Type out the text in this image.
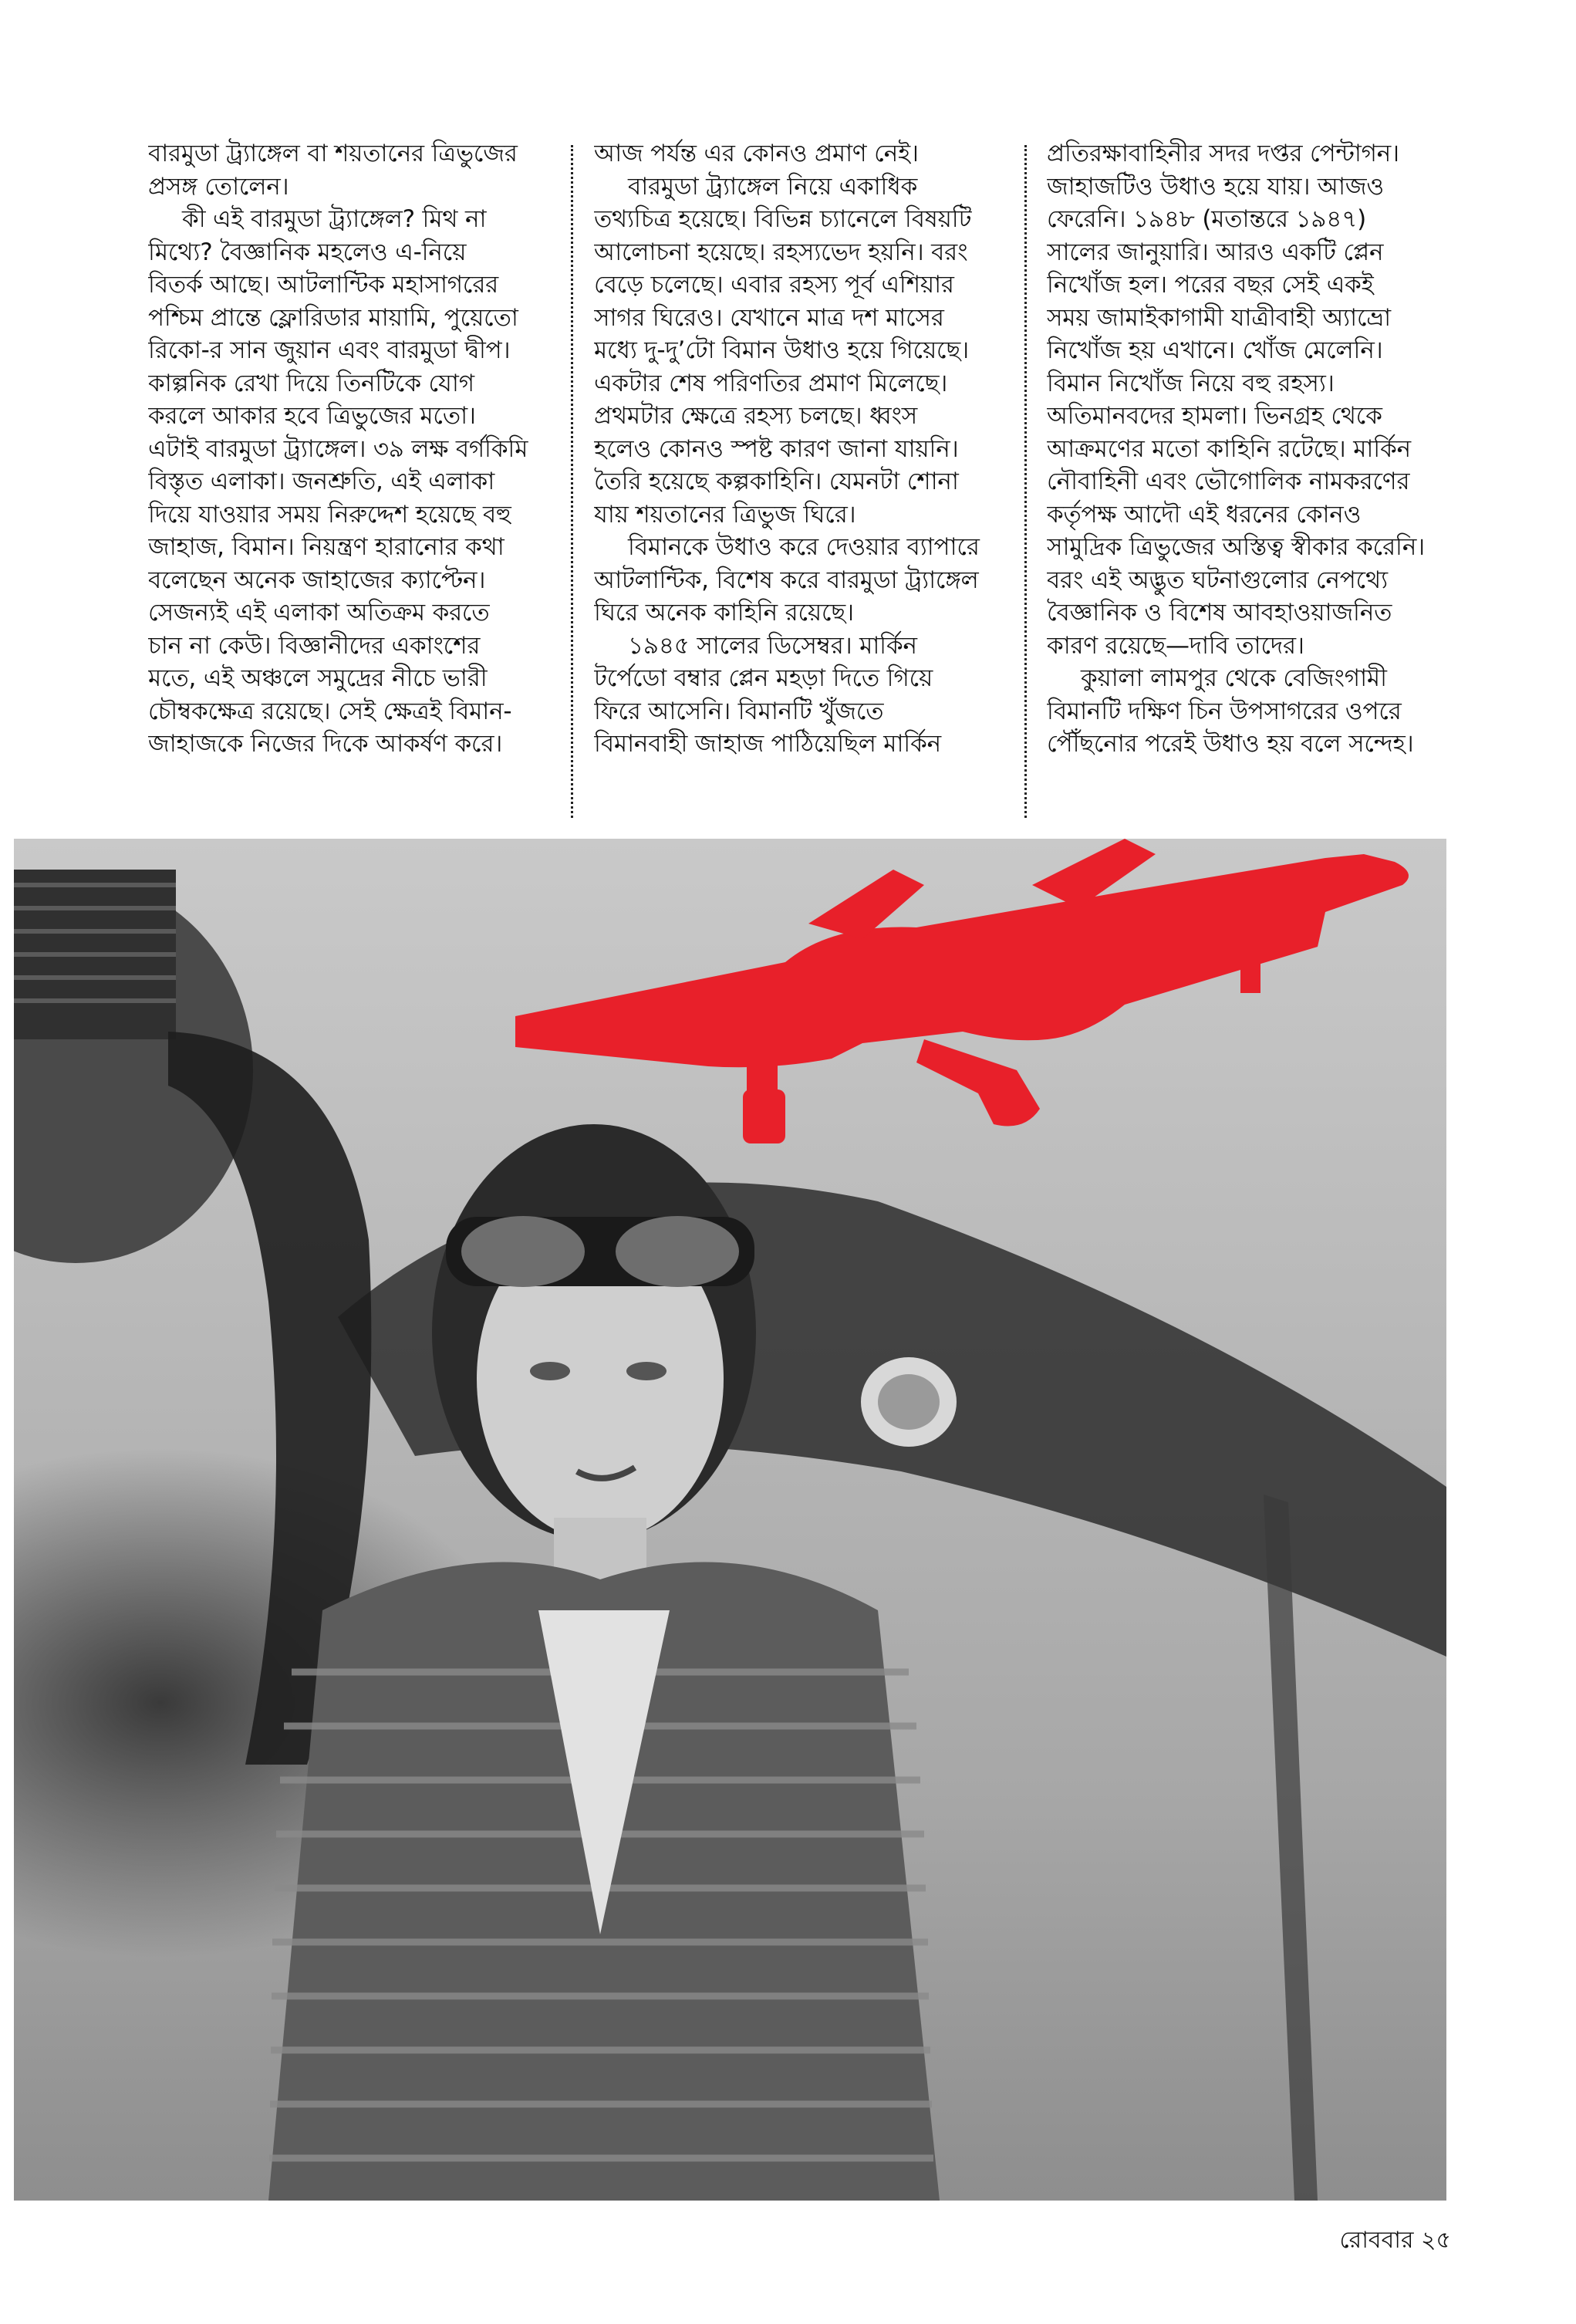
বারমুডা ট্র্যাঙ্গেল বা শয়তানের ত্রিভুজের
প্রসঙ্গ তোলেন।
কী এই বারমুডা ট্র্যাঙ্গেল? মিথ না
মিথ্যে? বৈজ্ঞানিক মহলেও এ-নিয়ে
বিতর্ক আছে। আটলান্টিক মহাসাগরের
পশ্চিম প্রান্তে ফ্লোরিডার মায়ামি, পুয়েতো
রিকো-র সান জুয়ান এবং বারমুডা দ্বীপ।
কাল্পনিক রেখা দিয়ে তিনটিকে যোগ
করলে আকার হবে ত্রিভুজের মতো।
এটাই বারমুডা ট্র্যাঙ্গেল। ৩৯ লক্ষ বর্গকিমি
বিস্তৃত এলাকা। জনশ্রুতি, এই এলাকা
দিয়ে যাওয়ার সময় নিরুদ্দেশ হয়েছে বহু
জাহাজ, বিমান। নিয়ন্ত্রণ হারানোর কথা
বলেছেন অনেক জাহাজের ক্যাপ্টেন।
সেজন্যই এই এলাকা অতিক্রম করতে
চান না কেউ। বিজ্ঞানীদের একাংশের
মতে, এই অঞ্চলে সমুদ্রের নীচে ভারী
চৌম্বকক্ষেত্র রয়েছে। সেই ক্ষেত্রই বিমান-
জাহাজকে নিজের দিকে আকর্ষণ করে।
আজ পর্যন্ত এর কোনও প্রমাণ নেই।
বারমুডা ট্র্যাঙ্গেল নিয়ে একাধিক
তথ্যচিত্র হয়েছে। বিভিন্ন চ্যানেলে বিষয়টি
আলোচনা হয়েছে। রহস্যভেদ হয়নি। বরং
বেড়ে চলেছে। এবার রহস্য পূর্ব এশিয়ার
সাগর ঘিরেও। যেখানে মাত্র দশ মাসের
মধ্যে দু-দু’টো বিমান উধাও হয়ে গিয়েছে।
একটার শেষ পরিণতির প্রমাণ মিলেছে।
প্রথমটার ক্ষেত্রে রহস্য চলছে। ধ্বংস
হলেও কোনও স্পষ্ট কারণ জানা যায়নি।
তৈরি হয়েছে কল্পকাহিনি। যেমনটা শোনা
যায় শয়তানের ত্রিভুজ ঘিরে।
বিমানকে উধাও করে দেওয়ার ব্যাপারে
আটলান্টিক, বিশেষ করে বারমুডা ট্র্যাঙ্গেল
ঘিরে অনেক কাহিনি রয়েছে।
১৯৪৫ সালের ডিসেম্বর। মার্কিন
টর্পেডো বম্বার প্লেন মহড়া দিতে গিয়ে
ফিরে আসেনি। বিমানটি খুঁজতে
বিমানবাহী জাহাজ পাঠিয়েছিল মার্কিন
প্রতিরক্ষাবাহিনীর সদর দপ্তর পেন্টাগন।
জাহাজটিও উধাও হয়ে যায়। আজও
ফেরেনি। ১৯৪৮ (মতান্তরে ১৯৪৭)
সালের জানুয়ারি। আরও একটি প্লেন
নিখোঁজ হল। পরের বছর সেই একই
সময় জামাইকাগামী যাত্রীবাহী অ্যাভ্রো
নিখোঁজ হয় এখানে। খোঁজ মেলেনি।
বিমান নিখোঁজ নিয়ে বহু রহস্য।
অতিমানবদের হামলা। ভিনগ্রহ থেকে
আক্রমণের মতো কাহিনি রটেছে। মার্কিন
নৌবাহিনী এবং ভৌগোলিক নামকরণের
কর্তৃপক্ষ আদৌ এই ধরনের কোনও
সামুদ্রিক ত্রিভুজের অস্তিত্ব স্বীকার করেনি।
বরং এই অদ্ভুত ঘটনাগুলোর নেপথ্যে
বৈজ্ঞানিক ও বিশেষ আবহাওয়াজনিত
কারণ রয়েছে—দাবি তাদের।
কুয়ালা লামপুর থেকে বেজিংগামী
বিমানটি দক্ষিণ চিন উপসাগরের ওপরে
পৌঁছনোর পরেই উধাও হয় বলে সন্দেহ।
রোববার ২৫
